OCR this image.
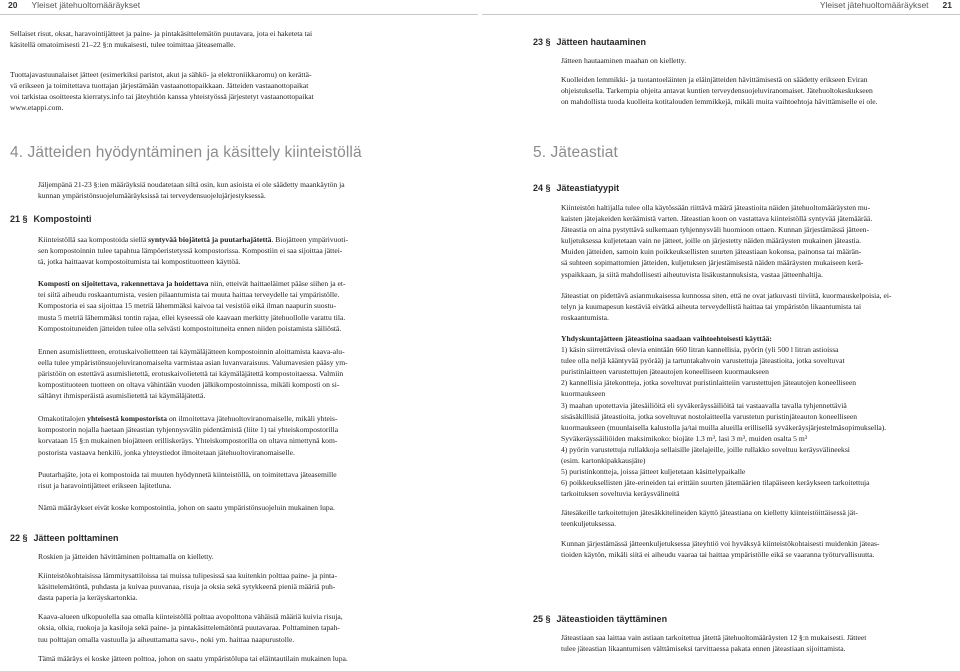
20 Yleiset jätehuoltomääräykset	Yleiset jätehuoltomääräykset 21

Sellaiset risut, oksat, haravointijätteet ja paine- ja pintakäsittelemätön puutavara, jota ei haketeta tai

käsitellä omatoimisesti 21–22 §:n mukaisesti, tulee toimittaa jäteasemalle.

Tuottajavastuunalaiset jätteet (esimerkiksi paristot, akut ja sähkö- ja elektroniikkaromu) on kerättä-

vä erikseen ja toimitettava tuottajan järjestämään vastaanottopaikkaan. Jätteiden vastaanottopaikat

voi tarkistaa osoitteesta kierratys.info tai jäteyhtiön kanssa yhteistyössä järjestetyt vastaanottopaikat

www.etappi.com.

4. Jätteiden hyödyntäminen ja käsittely kiinteistöllä

Jäljempänä 21-23 §:ien määräyksiä noudatetaan siltä osin, kun asioista ei ole säädetty maankäytön ja

kunnan ympäristönsuojelumääräyksissä tai terveydensuojelujärjestyksessä.

21 § Kompostointi

Kiinteistöllä saa kompostoida siellä syntyvää biojätettä ja puutarhajätettä. Biojätteen ympärivuoti-

sen kompostoinnin tulee tapahtua lämpöeristetyssä kompostorissa. Kompostiin ei saa sijoittaa jättei-

tä, jotka haittaavat kompostoitumista tai kompostituotteen käyttöä.

Komposti on sijoitettava, rakennettava ja hoidettava niin, etteivät haittaeläimet pääse siihen ja et-

tei siitä aiheudu roskaantumista, vesien pilaantumista tai muuta haittaa terveydelle tai ympäristölle.

Kompostoria ei saa sijoittaa 15 metriä lähemmäksi kaivoa tai vesistöä eikä ilman naapurin suostu-

musta 5 metriä lähemmäksi tontin rajaa, ellei kyseessä ole kaavaan merkitty jätehuollolle varattu tila.

Kompostoituneiden jätteiden tulee olla selvästi kompostoituneita ennen niiden poistamista säiliöstä.

Ennen asumisliettteen, erotuskaivoliettteen tai käymäläjätteen kompostoinnin aloittamista kaava-alu-

eella tulee ympäristönsuojeluviranomaiselta varmistaa asian luvanvaraisuus. Valumavesien pääsy ym-

päristöön on estettävä asumislietettä, erotuskaivolietettä tai käymäläjätettä kompostoitaessa. Valmiin

kompostituoteen tuotteen on oltava vähintään vuoden jälkikompostoinnissa, mikäli komposti on si-

sältänyt ihmisperäistä asumislietettä tai käymäläjätettä.

Omakotitalojen yhteisestä kompostorista on ilmoitettava jätehuoltoviranomaiselle, mikäli yhteis-

kompostorin nojalla haetaan jäteastian tyhjennysvälin pidentämistä (liite 1) tai yhteiskompostorilla

korvataan 15 §:n mukainen biojätteen erilliskeräys. Yhteiskompostorilla on oltava nimettynä kom-

postorista vastaava henkilö, jonka yhteystiedot ilmoitetaan jätehuoltoviranomaiselle.

Puutarhajäte, jota ei kompostoida tai muuten hyödynnetä kiinteistöllä, on toimitettava jäteasemille

risut ja haravointijätteet erikseen lajitetluna.

Nämä määräykset eivät koske kompostointia, johon on saatu ympäristönsuojeluin mukainen lupa.

22 § Jätteen polttaminen

Roskien ja jätteiden hävittäminen polttamalla on kielletty.

Kiinteistökohtaisissa lämmitysattiloissa tai muissa tulipesissä saa kuitenkin polttaa paine- ja pinta-

käsittelemätöntä, puhdasta ja kuivaa puuvanaa, risuja ja oksia sekä sytykkeenä pieniä määriä puh-

dasta paperia ja keräyskartonkia.

Kaava-alueen ulkopuolella saa omalla kiinteistöllä polttaa avopolttona vähäisiä määriä kuivia risuja,

oksia, olkia, ruokoja ja kasiloja sekä paine- ja pintakäsittelemätöntä puutavaraa. Polttaminen tapah-

tuu polttajan omalla vastuulla ja aiheuttamatta savu-, noki ym. haittaa naapurustolle.

Tämä määräys ei koske jätteen polttoa, johon on saatu ympäristölupa tai eläintautilain mukainen lupa.

23 § Jätteen hautaaminen

Jätteen hautaaminen maahan on kielletty.

Kuolleiden lemmikki- ja tuotantoeläinten ja eläinjätteiden hävittämisestä on säädetty erikseen Eviran

ohjeistuksella. Tarkempia ohjeita antavat kuntien terveydensuojeluviranomaiset. Jätehuoltokeskukseen

on mahdollista tuoda kuolleita kotitalouden lemmikkejä, mikäli muita vaihtoehtoja hävittämiselle ei ole.

5. Jäteastiat
24 § Jäteastiatyypit

Kiinteistön haltijalla tulee olla käytössään riittävä määrä jäteastioita näiden jätehuoltomääräysten mu-

kaisten jätejakeiden keräämistä varten. Jäteastian koon on vastattava kiinteistöllä syntyvää jätemäärää.

Jäteastia on aina pystyttävä sulkemaan tyhjennysväli huomioon ottaen. Kunnan järjestämässä jätteen-

kuljetuksessa kuljetetaan vain ne jätteet, joille on järjestetty näiden määräysten mukainen jäteastia.

Muiden jätteiden, samoin kuin poikkeuksellisten suurten jäteastiaan kokonsa, painonsa tai määrän-

sä suhteen sopimattomien jätteiden, kuljetuksen järjestämisestä näiden määräysten mukaiseen kerä-

yspaikkaan, ja siitä mahdollisesti aiheutuvista lisäkustannuksista, vastaa jätteenhaltija.

Jäteastiat on pidettävä asianmukaisessa kunnossa siten, että ne ovat jatkuvasti tiiviitä, kuormauskelpoisia, ei-

telyn ja kuumapesun kestäviä eivätkä aiheuta terveydellistä haittaa tai ympäristön likaantumista tai

roskaantumista.

Yhdyskuntajätteen jäteastioina saadaan vaihtoehtoisesti käyttää:

1) käsin siirrettävissä olevia enintään 660 litran kannellisia, pyörin (yli 500 l litran astioissa

tulee olla neljä kääntyvää pyörää) ja tartuntakahvoin varustettuja jäteastioita, jotka soveltuvat

puristinlaitteen varustettujen jäteautojen koneelliseen kuormaukseen

2) kannellisia jätekontteja, jotka soveltuvat puristinlaitteiin varustettujen jäteautojen koneelliseen

kuormaukseen

3) maahan upotettavia jätesäiliöitä eli syväkeräyssäiliöitä tai vastaavalla tavalla tyhjennettäviä

sisäsäkillisiä jäteastioita, jotka soveltuvat nostolaitteella varustetun puristinjäteauton koneelliseen

kuormaukseen (muunlaisella kalustolla ja/tai muilla alueilla erillisellä syväkeräysjärjestelmäsopimuksella).

Syväkeräyssäiliöiden maksimikoko: biojäte 1.3 m³, lasi 3 m³, muiden osalta 5 m³

4) pyörin varustettuja rullakkoja sellaisille jätelajeille, joille rullakko soveltuu keräysvälineeksi

(esim. kartonkipakkausjäte)

5) puristinkontteja, joissa jätteet kuljetetaan käsittelypaikalle

6) poikkeuksellisten jäte-erineiden tai erittäin suurten jätemäärien tilapäiseen keräykseen tarkoitettuja

tarkoituksen soveltuvia keräysvälineitä

Jätesäkeille tarkoitettujen jätesäkkitelineiden käyttö jäteastiana on kielletty kiinteistöittäisessä jät-

teenkuljetuksessa.

Kunnan järjestämässä jätteenkuljetuksessa jäteyhtiö voi hyväksyä kiinteistökohtaisesti muidenkin jäteas-

tioiden käytön, mikäli siitä ei aiheudu vaaraa tai haittaa ympäristölle eikä se vaaranna työturvallisuutta.

25 § Jäteastioiden täyttäminen

Jäteastiaan saa laittaa vain astiaan tarkoitettua jätettä jätehuoltomääräysten 12 §:n mukaisesti. Jätteet

tulee jäteastian likaantumisen välttämiseksi tarvittaessa pakata ennen jäteastiaan sijoittamista.
